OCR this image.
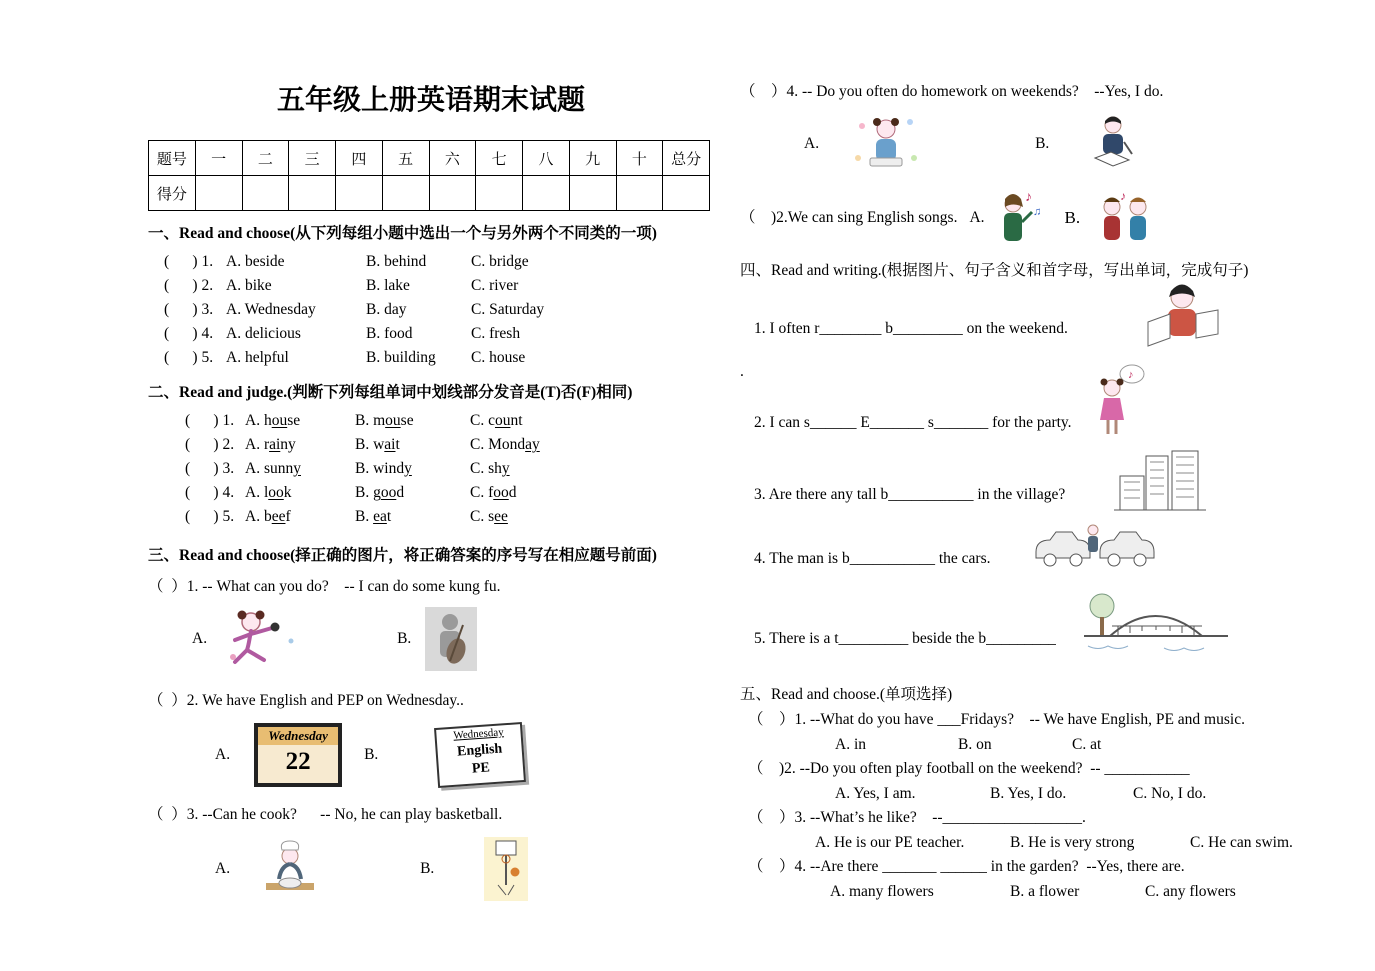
五年级上册英语期末试题
题号	一	二	三	四	五	六	七	八	九	十	总分
得分											
一、Read and choose(从下列每组小题中选出一个与另外两个不同类的一项)
(      ) 1. A. beside	B. behind	C. bridge
(      ) 2. A. bike	B. lake	C. river
(      ) 3. A. Wednesday	B. day	C. Saturday
(      ) 4. A. delicious	B. food	C. fresh
(      ) 5. A. helpful	B. building	C. house
二、Read and judge.(判断下列每组单词中划线部分发音是(T)否(F)相同)
(      ) 1. A. house	B. mouse	C. count
(      ) 2. A. rainy	B. wait	C. Monday
(      ) 3. A. sunny	B. windy	C. shy
(      ) 4. A. look	B. good	C. food
(      ) 5. A. beef	B. eat	C. see
三、Read and choose(择正确的图片，将正确答案的序号写在相应题号前面)
（  ）1. -- What can you do?    -- I can do some kung fu.
A.	B.
（  ）2. We have English and PEP on Wednesday..
A.
Wednesday
22	B.
Wednesday
English
PE
（  ）3. --Can he cook?      -- No, he can play basketball.
A.	B.
（    ）4. -- Do you often do homework on weekends?    --Yes, I do.
A.	B.
（    )2.We can sing English songs. A.
♪
♫ B.
♪
四、Read and writing.(根据图片、句子含义和首字母，写出单词，完成句子)
1. I often r________ b_________ on the weekend.
.
2. I can s______ E_______ s_______ for the party.
♪
3. Are there any tall b___________ in the village?
4. The man is b___________ the cars.
5. There is a t_________ beside the b_________
五、Read and choose.(单项选择)
（    ）1. --What do you have ___Fridays?    -- We have English, PE and music.
A. in	B. on	C. at
（    )2. --Do you often play football on the weekend?  -- ___________
A. Yes, I am.	B. Yes, I do.	C. No, I do.
（    ）3. --What’s he like?    --__________________.
A. He is our PE teacher.	B. He is very strong	C. He can swim.
（    ）4. --Are there _______ ______ in the garden?  --Yes, there are.
A. many flowers	B. a flower	C. any flowers
